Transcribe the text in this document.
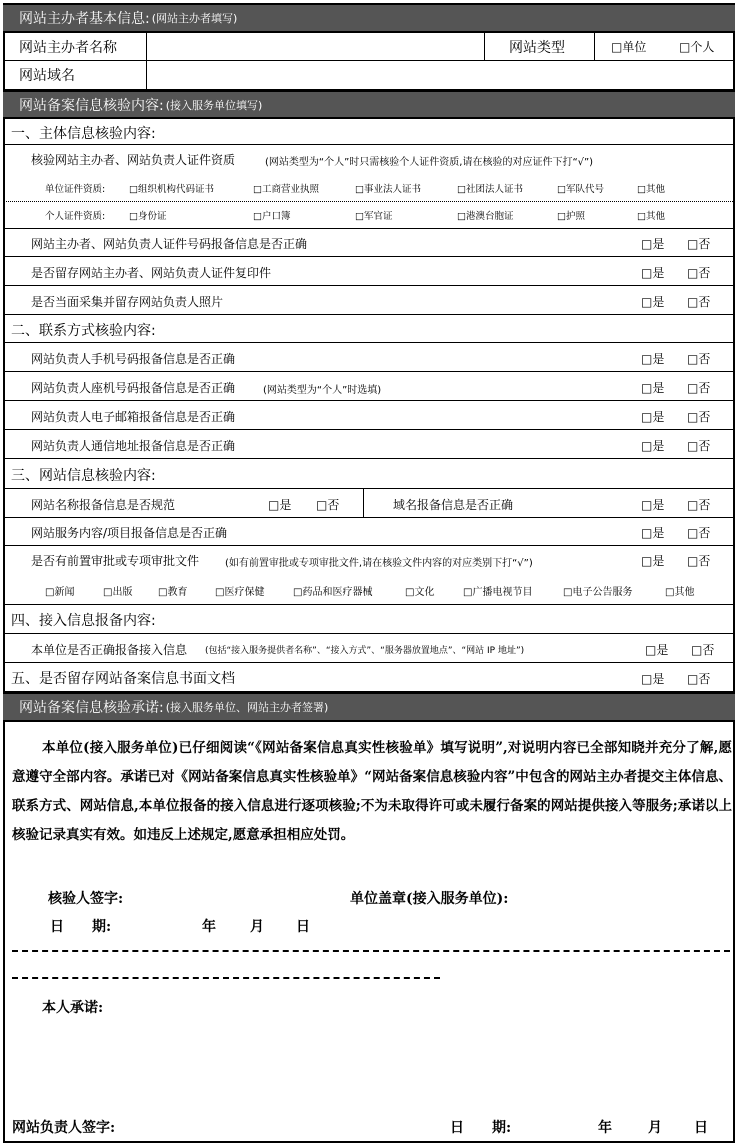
网站主办者基本信息: (网站主办者填写)
网站主办者名称	网站类型	□单位	□个人
网站域名
网站备案信息核验内容: (接入服务单位填写)
一、主体信息核验内容:
核验网站主办者、网站负责人证件资质	(网站类型为“个人”时只需核验个人证件资质,请在核验的对应证件下打“√”)
单位证件资质:	□组织机构代码证书	□工商营业执照	□事业法人证书	□社团法人证书	□军队代号	□其他
个人证件资质:	□身份证	□户口簿	□军官证	□港澳台胞证	□护照	□其他
网站主办者、网站负责人证件号码报备信息是否正确	□是 □否
是否留存网站主办者、网站负责人证件复印件	□是 □否
是否当面采集并留存网站负责人照片	□是 □否
二、联系方式核验内容:
网站负责人手机号码报备信息是否正确	□是 □否
网站负责人座机号码报备信息是否正确	(网站类型为“个人”时选填)	□是 □否
网站负责人电子邮箱报备信息是否正确	□是 □否
网站负责人通信地址报备信息是否正确	□是 □否
三、网站信息核验内容:
网站名称报备信息是否规范	□是 □否	域名报备信息是否正确	□是 □否
网站服务内容/项目报备信息是否正确	□是 □否
是否有前置审批或专项审批文件	(如有前置审批或专项审批文件,请在核验文件内容的对应类别下打“√”)	□是 □否
□新闻	□出版	□教育	□医疗保健	□药品和医疗器械	□文化	□广播电视节目	□电子公告服务	□其他
四、接入信息报备内容:
本单位是否正确报备接入信息 (包括“接入服务提供者名称”、“接入方式”、“服务器放置地点”、“网站 IP 地址”)	□是 □否
五、是否留存网站备案信息书面文档	□是 □否
网站备案信息核验承诺: (接入服务单位、网站主办者签署)
本单位(接入服务单位)已仔细阅读“《网站备案信息真实性核验单》填写说明”,对说明内容已全部知晓并充分了解,愿意遵守全部内容。承诺已对《网站备案信息真实性核验单》“网站备案信息核验内容”中包含的网站主办者提交主体信息、联系方式、网站信息,本单位报备的接入信息进行逐项核验;不为未取得许可或未履行备案的网站提供接入等服务;承诺以上核验记录真实有效。如违反上述规定,愿意承担相应处罚。
核验人签字:	单位盖章(接入服务单位):
日　　期:	年 月 日
本人承诺:
网站负责人签字:	日　　期:	年	月 日
